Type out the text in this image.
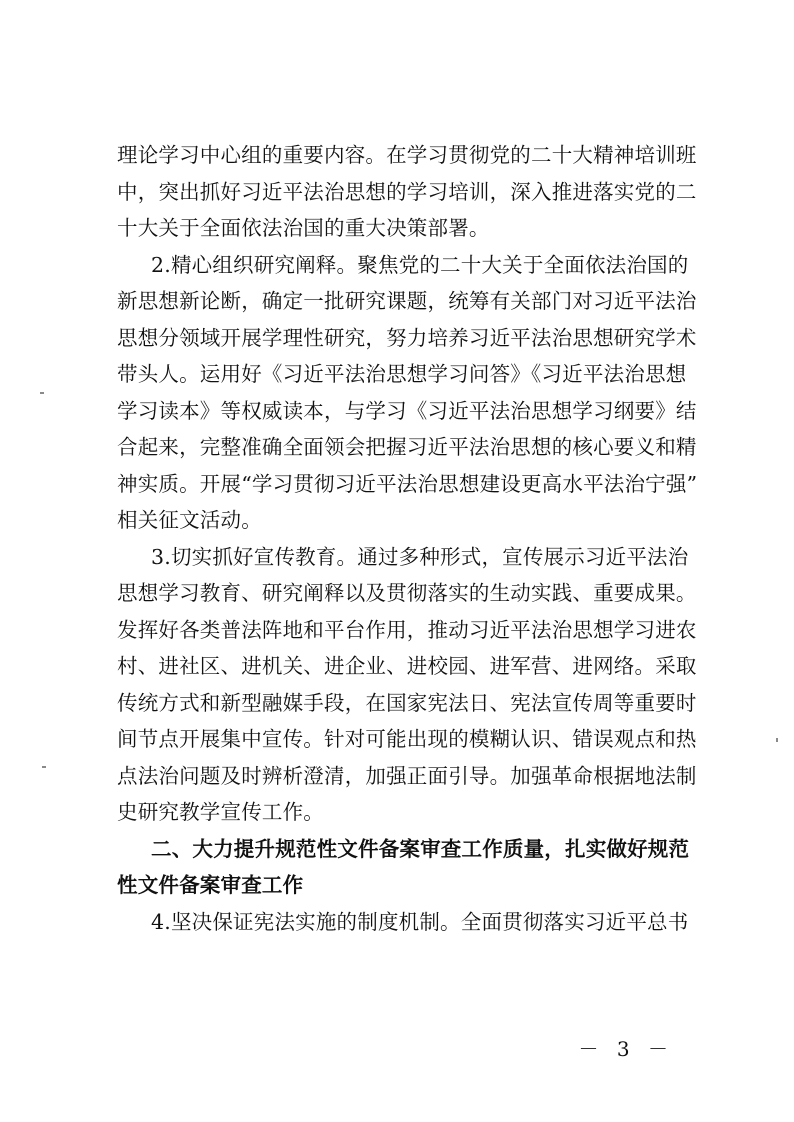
理论学习中心组的重要内容。在学习贯彻党的二十大精神培训班
中，突出抓好习近平法治思想的学习培训，深入推进落实党的二
十大关于全面依法治国的重大决策部署。
2.精心组织研究阐释。聚焦党的二十大关于全面依法治国的
新思想新论断，确定一批研究课题，统筹有关部门对习近平法治
思想分领域开展学理性研究，努力培养习近平法治思想研究学术
带头人。运用好《习近平法治思想学习问答》《习近平法治思想
学习读本》等权威读本，与学习《习近平法治思想学习纲要》结
合起来，完整准确全面领会把握习近平法治思想的核心要义和精
神实质。开展“学习贯彻习近平法治思想建设更高水平法治宁强”
相关征文活动。
3.切实抓好宣传教育。通过多种形式，宣传展示习近平法治
思想学习教育、研究阐释以及贯彻落实的生动实践、重要成果。
发挥好各类普法阵地和平台作用，推动习近平法治思想学习进农
村、进社区、进机关、进企业、进校园、进军营、进网络。采取
传统方式和新型融媒手段，在国家宪法日、宪法宣传周等重要时
间节点开展集中宣传。针对可能出现的模糊认识、错误观点和热
点法治问题及时辨析澄清，加强正面引导。加强革命根据地法制
史研究教学宣传工作。
二、大力提升规范性文件备案审查工作质量，扎实做好规范
性文件备案审查工作
4.坚决保证宪法实施的制度机制。全面贯彻落实习近平总书
－ 3 －
